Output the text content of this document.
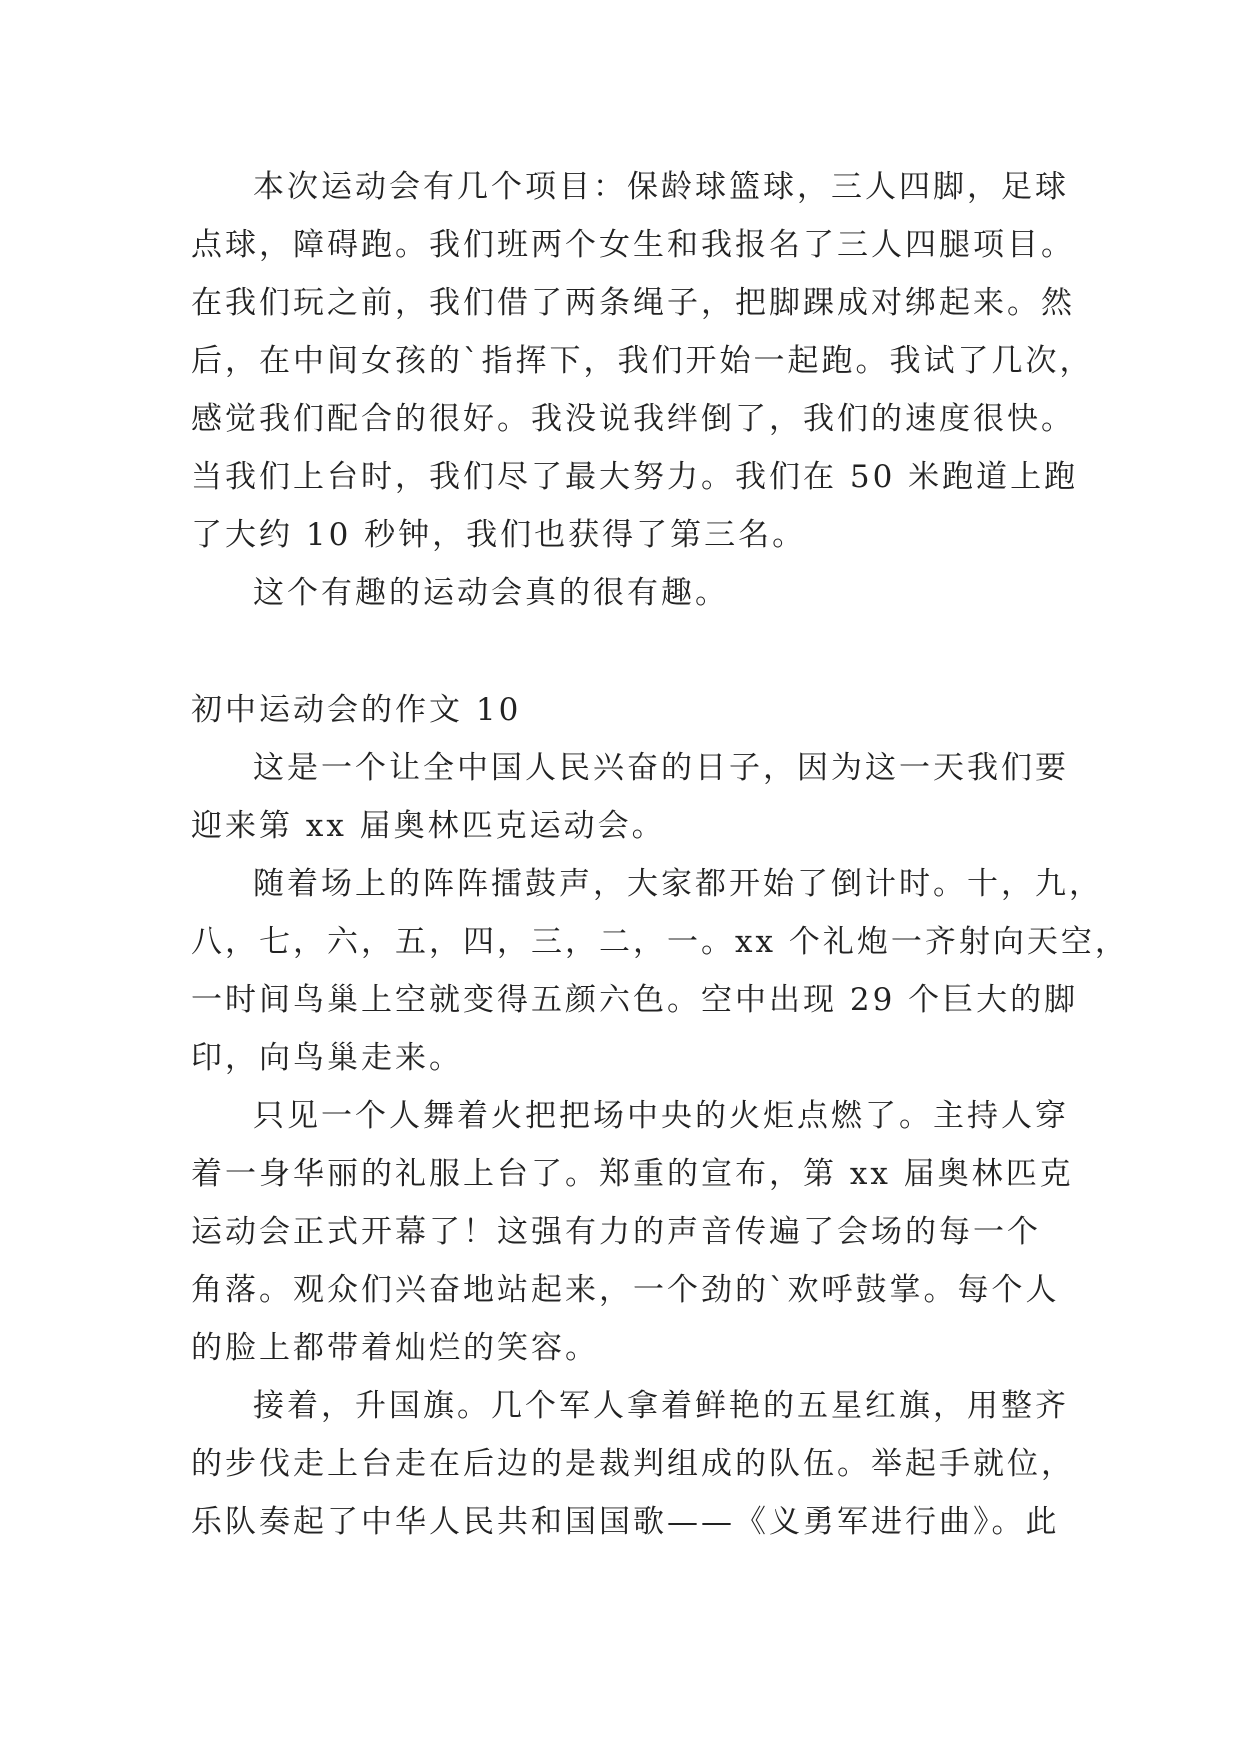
本次运动会有几个项目：保龄球篮球，三人四脚，足球
点球，障碍跑。我们班两个女生和我报名了三人四腿项目。
在我们玩之前，我们借了两条绳子，把脚踝成对绑起来。然
后，在中间女孩的`指挥下，我们开始一起跑。我试了几次，
感觉我们配合的很好。我没说我绊倒了，我们的速度很快。
当我们上台时，我们尽了最大努力。我们在 50 米跑道上跑
了大约 10 秒钟，我们也获得了第三名。

这个有趣的运动会真的很有趣。

初中运动会的作文 10

这是一个让全中国人民兴奋的日子，因为这一天我们要
迎来第 xx 届奥林匹克运动会。

随着场上的阵阵擂鼓声，大家都开始了倒计时。十，九，
八，七，六，五，四，三，二，一。xx 个礼炮一齐射向天空，
一时间鸟巢上空就变得五颜六色。空中出现 29 个巨大的脚
印，向鸟巢走来。

只见一个人舞着火把把场中央的火炬点燃了。主持人穿
着一身华丽的礼服上台了。郑重的宣布，第 xx 届奥林匹克
运动会正式开幕了！这强有力的声音传遍了会场的每一个
角落。观众们兴奋地站起来，一个劲的`欢呼鼓掌。每个人
的脸上都带着灿烂的笑容。

接着，升国旗。几个军人拿着鲜艳的五星红旗，用整齐
的步伐走上台走在后边的是裁判组成的队伍。举起手就位，
乐队奏起了中华人民共和国国歌——《义勇军进行曲》。此
